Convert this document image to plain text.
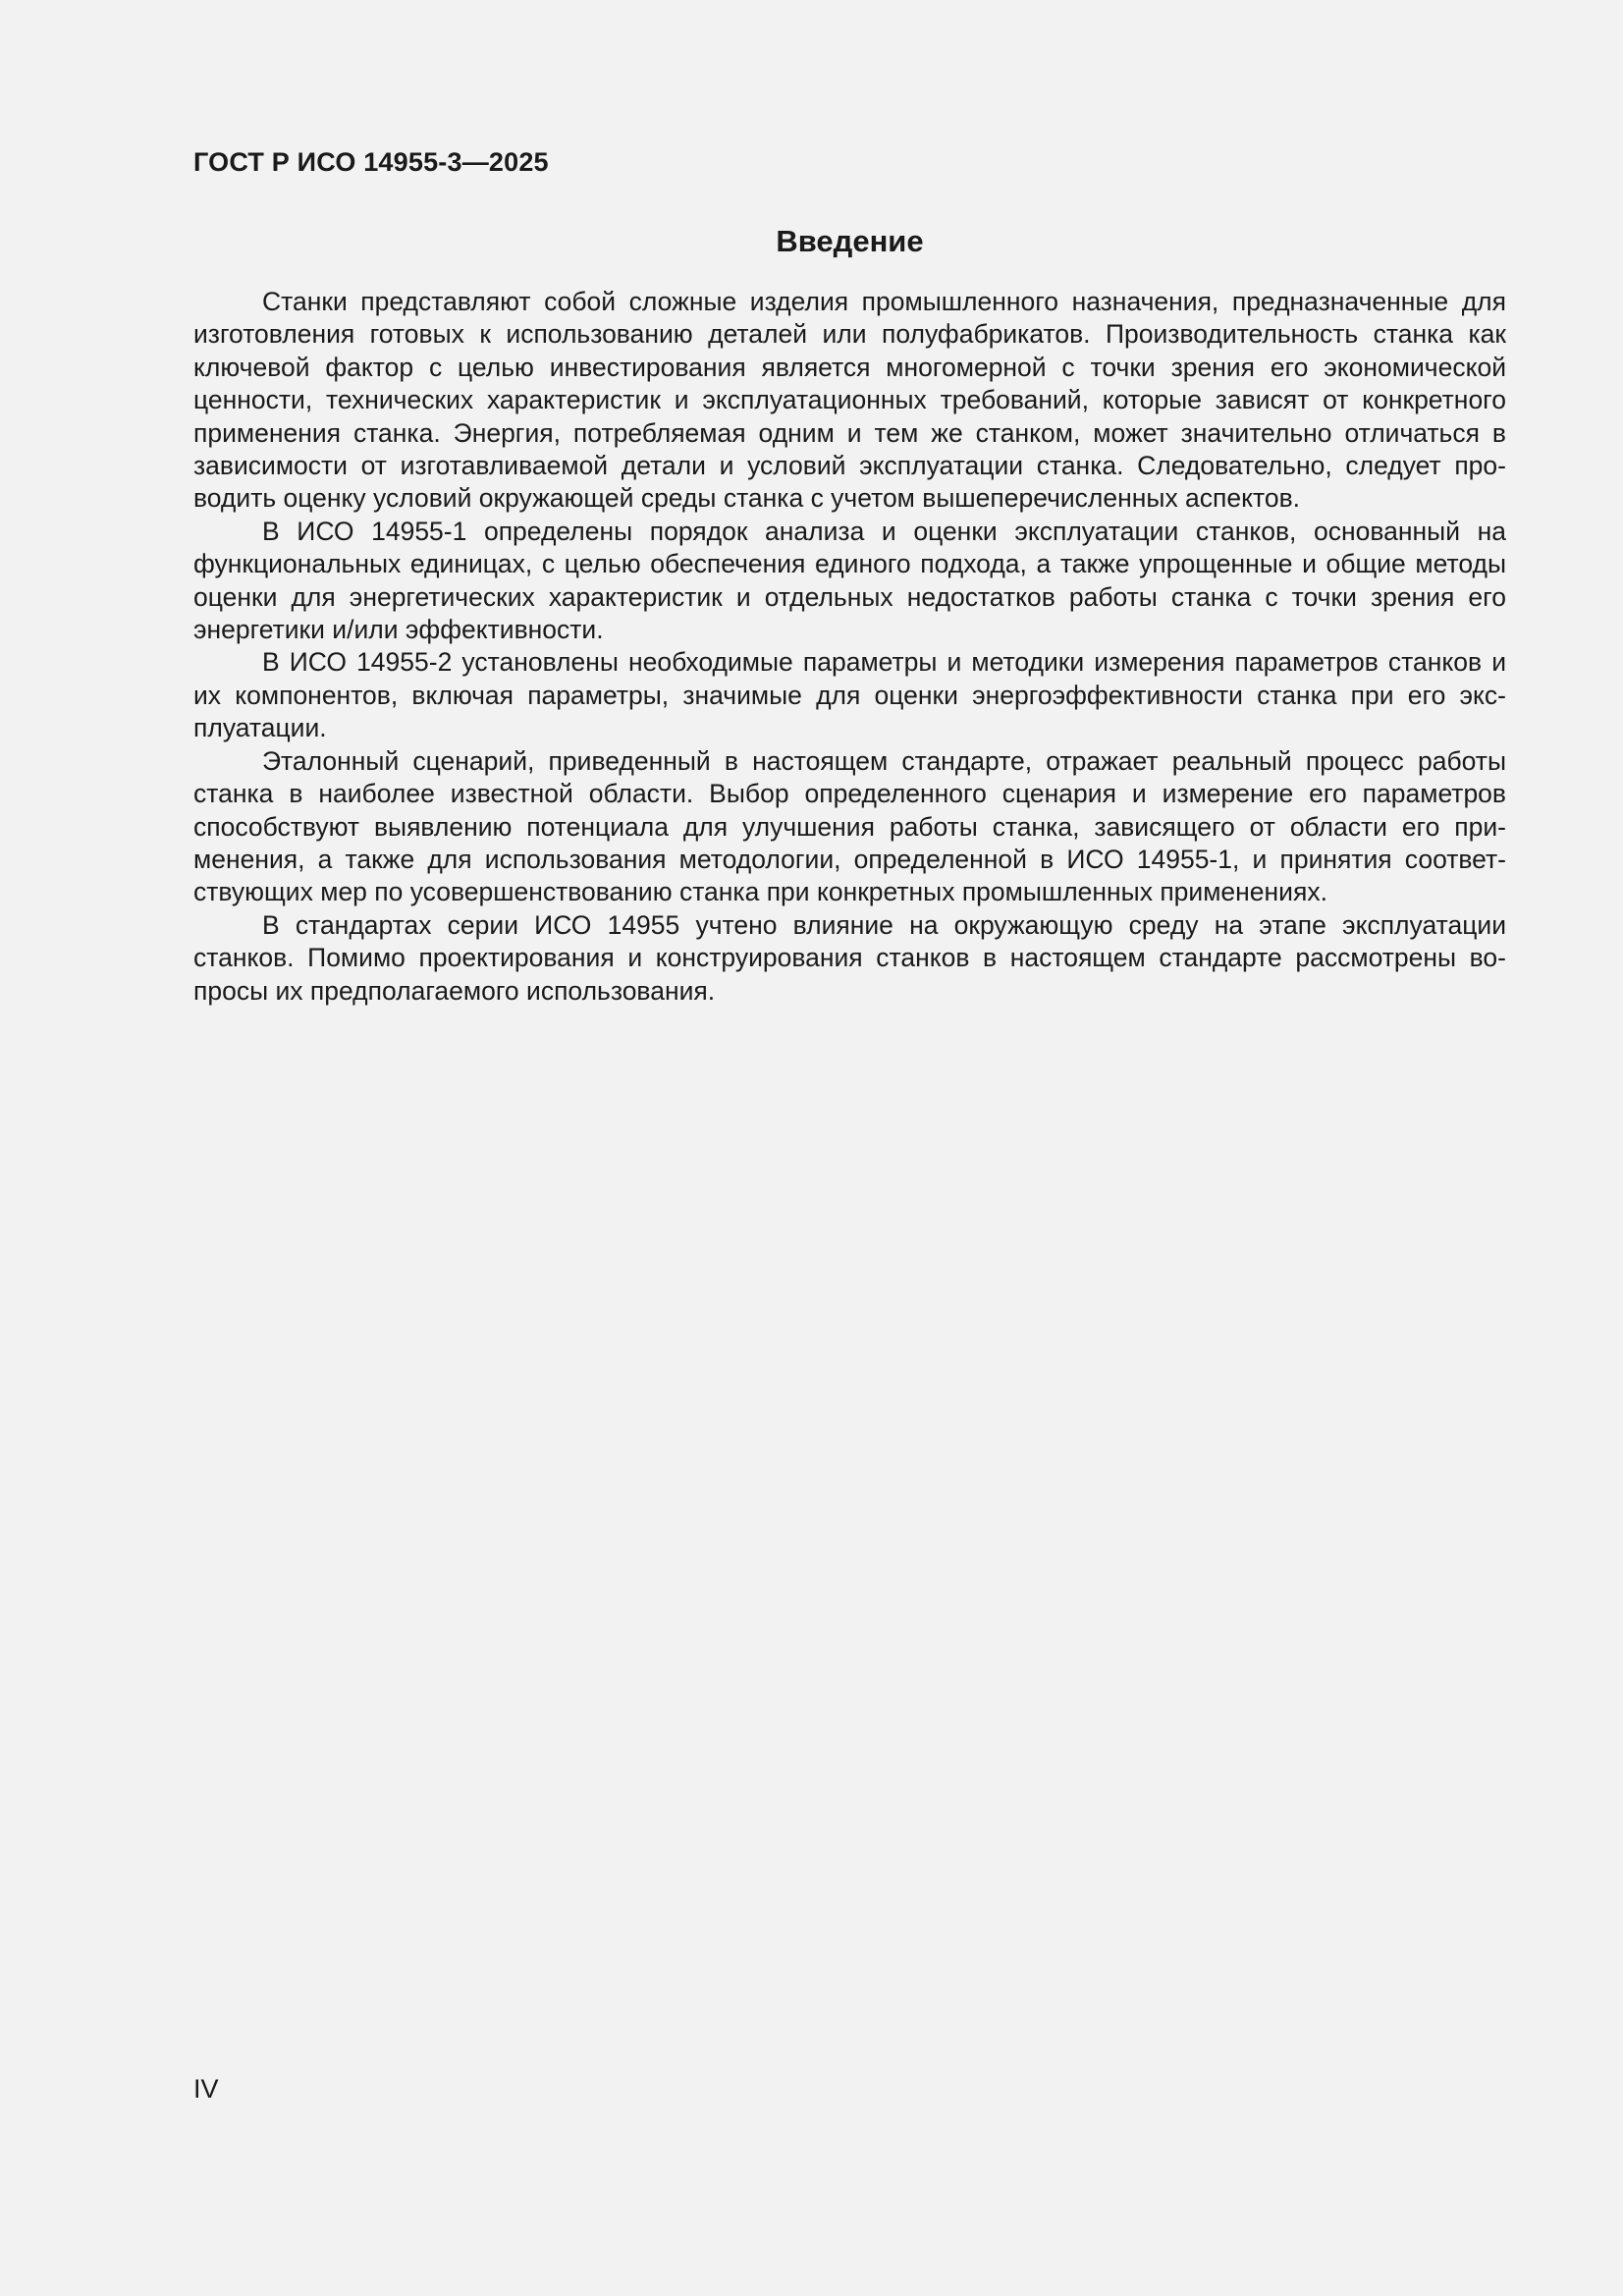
ГОСТ Р ИСО 14955-3—2025
Введение

Станки представляют собой сложные изделия промышленного назначения, предназначенные для изготовления готовых к использованию деталей или полуфабрикатов. Производительность станка как ключевой фактор с целью инвестирования является многомерной с точки зрения его экономической ценности, технических характеристик и эксплуатационных требований, которые зависят от конкретного применения станка. Энергия, потребляемая одним и тем же станком, может значительно отличаться в зависимости от изготавливаемой детали и условий эксплуатации станка. Следовательно, следует проводить оценку условий окружающей среды станка с учетом вышеперечисленных аспектов.

В ИСО 14955-1 определены порядок анализа и оценки эксплуатации станков, основанный на функциональных единицах, с целью обеспечения единого подхода, а также упрощенные и общие методы оценки для энергетических характеристик и отдельных недостатков работы станка с точки зрения его энергетики и/или эффективности.

В ИСО 14955-2 установлены необходимые параметры и методики измерения параметров станков и их компонентов, включая параметры, значимые для оценки энергоэффективности станка при его эксплуатации.

Эталонный сценарий, приведенный в настоящем стандарте, отражает реальный процесс работы станка в наиболее известной области. Выбор определенного сценария и измерение его параметров способствуют выявлению потенциала для улучшения работы станка, зависящего от области его применения, а также для использования методологии, определенной в ИСО 14955-1, и принятия соответствующих мер по усовершенствованию станка при конкретных промышленных применениях.

В стандартах серии ИСО 14955 учтено влияние на окружающую среду на этапе эксплуатации станков. Помимо проектирования и конструирования станков в настоящем стандарте рассмотрены вопросы их предполагаемого использования.

IV
